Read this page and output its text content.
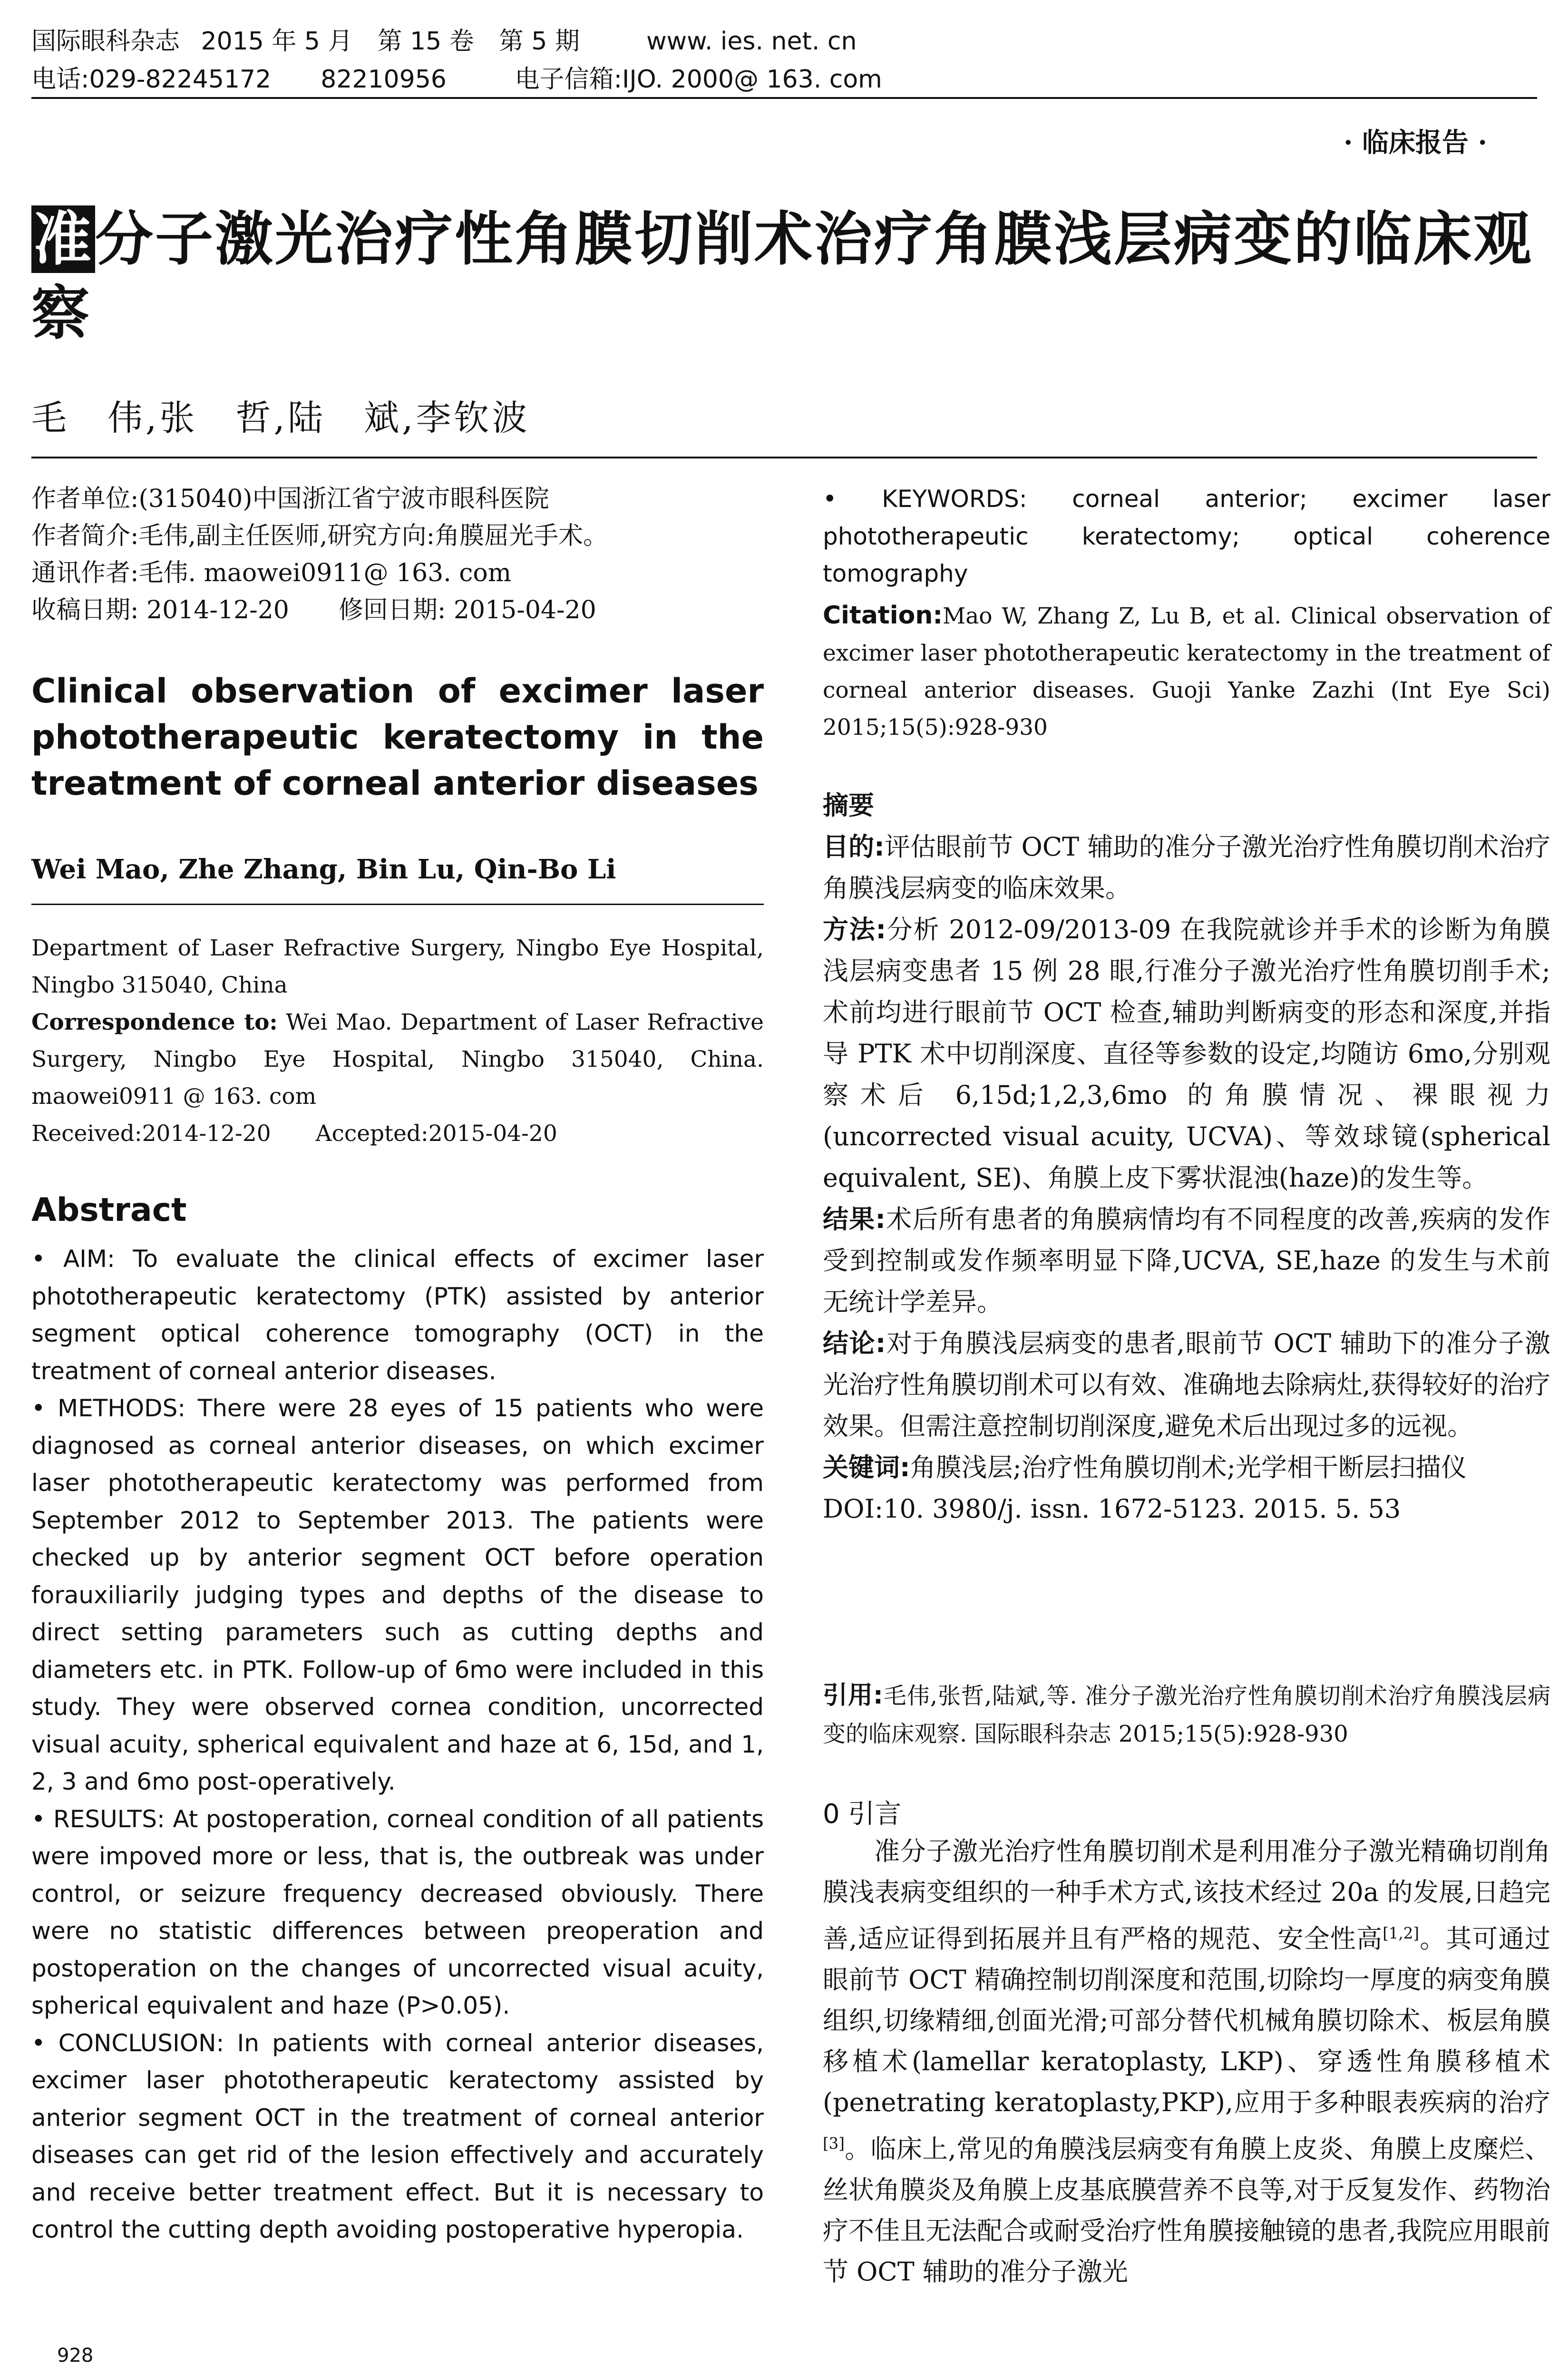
国际眼科杂志 2015 年 5 月　第 15 卷　第 5 期	www. ies. net. cn
电话:029-82245172　　82210956	电子信箱:IJO. 2000@ 163. com
· 临床报告 ·
准分子激光治疗性角膜切削术治疗角膜浅层病变的临床观察
毛　伟,张　哲,陆　斌,李钦波
作者单位:(315040)中国浙江省宁波市眼科医院
作者简介:毛伟,副主任医师,研究方向:角膜屈光手术。
通讯作者:毛伟. maowei0911@ 163. com
收稿日期: 2014-12-20　　修回日期: 2015-04-20
Clinical observation of excimer laser phototherapeutic keratectomy in the treatment of corneal anterior diseases
Wei Mao, Zhe Zhang, Bin Lu, Qin-Bo Li
Department of Laser Refractive Surgery, Ningbo Eye Hospital, Ningbo 315040, China
Correspondence to: Wei Mao. Department of Laser Refractive Surgery, Ningbo Eye Hospital, Ningbo 315040, China. maowei0911 @ 163. com
Received:2014-12-20　　Accepted:2015-04-20
Abstract

• AIM: To evaluate the clinical effects of excimer laser phototherapeutic keratectomy (PTK) assisted by anterior segment optical coherence tomography (OCT) in the treatment of corneal anterior diseases.

• METHODS: There were 28 eyes of 15 patients who were diagnosed as corneal anterior diseases, on which excimer laser phototherapeutic keratectomy was performed from September 2012 to September 2013. The patients were checked up by anterior segment OCT before operation forauxiliarily judging types and depths of the disease to direct setting parameters such as cutting depths and diameters etc. in PTK. Follow-up of 6mo were included in this study. They were observed cornea condition, uncorrected visual acuity, spherical equivalent and haze at 6, 15d, and 1, 2, 3 and 6mo post-operatively.

• RESULTS: At postoperation, corneal condition of all patients were impoved more or less, that is, the outbreak was under control, or seizure frequency decreased obviously. There were no statistic differences between preoperation and postoperation on the changes of uncorrected visual acuity, spherical equivalent and haze (P>0.05).

• CONCLUSION: In patients with corneal anterior diseases, excimer laser phototherapeutic keratectomy assisted by anterior segment OCT in the treatment of corneal anterior diseases can get rid of the lesion effectively and accurately and receive better treatment effect. But it is necessary to control the cutting depth avoiding postoperative hyperopia.

928
• KEYWORDS: corneal anterior; excimer laser phototherapeutic keratectomy; optical coherence tomography
Citation:Mao W, Zhang Z, Lu B, et al. Clinical observation of excimer laser phototherapeutic keratectomy in the treatment of corneal anterior diseases. Guoji Yanke Zazhi (Int Eye Sci) 2015;15(5):928-930

摘要

目的:评估眼前节 OCT 辅助的准分子激光治疗性角膜切削术治疗角膜浅层病变的临床效果。

方法:分析 2012-09/2013-09 在我院就诊并手术的诊断为角膜浅层病变患者 15 例 28 眼,行准分子激光治疗性角膜切削手术;术前均进行眼前节 OCT 检查,辅助判断病变的形态和深度,并指导 PTK 术中切削深度、直径等参数的设定,均随访 6mo,分别观察术后 6,15d;1,2,3,6mo 的角膜情况、裸眼视力(uncorrected visual acuity, UCVA)、等效球镜(spherical equivalent, SE)、角膜上皮下雾状混浊(haze)的发生等。

结果:术后所有患者的角膜病情均有不同程度的改善,疾病的发作受到控制或发作频率明显下降,UCVA, SE,haze 的发生与术前无统计学差异。

结论:对于角膜浅层病变的患者,眼前节 OCT 辅助下的准分子激光治疗性角膜切削术可以有效、准确地去除病灶,获得较好的治疗效果。但需注意控制切削深度,避免术后出现过多的远视。

关键词:角膜浅层;治疗性角膜切削术;光学相干断层扫描仪

DOI:10. 3980/j. issn. 1672-5123. 2015. 5. 53

引用:毛伟,张哲,陆斌,等. 准分子激光治疗性角膜切削术治疗角膜浅层病变的临床观察. 国际眼科杂志 2015;15(5):928-930
0 引言
准分子激光治疗性角膜切削术是利用准分子激光精确切削角膜浅表病变组织的一种手术方式,该技术经过 20a 的发展,日趋完善,适应证得到拓展并且有严格的规范、安全性高[1,2]。其可通过眼前节 OCT 精确控制切削深度和范围,切除均一厚度的病变角膜组织,切缘精细,创面光滑;可部分替代机械角膜切除术、板层角膜移植术(lamellar keratoplasty, LKP)、穿透性角膜移植术(penetrating keratoplasty,PKP),应用于多种眼表疾病的治疗[3]。临床上,常见的角膜浅层病变有角膜上皮炎、角膜上皮糜烂、丝状角膜炎及角膜上皮基底膜营养不良等,对于反复发作、药物治疗不佳且无法配合或耐受治疗性角膜接触镜的患者,我院应用眼前节 OCT 辅助的准分子激光
